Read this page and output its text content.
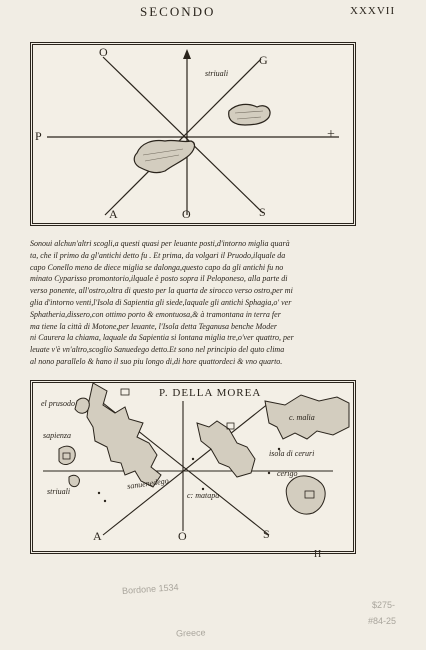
SECONDO	XXXVII
striuali
P	+
O
G
A	O	S
Sonoui alchun'altri scogli,a questi quasi per leuante posti,d'intorno miglia quarà
ta, che il primo da gl'antichi detto fu . Et prima, da volgari il Pruodo,ilquale da
capo Conello meno de diece miglia se dalonga,questo capo da gli antichi fu no
minato Cyparisso promontorio,ilquale è posto sopra il Peloponeso, alla parte di
verso ponente, all'ostro,oltra di questo per la quarta de sirocco verso ostro,per mi
glia d'intorno venti,l'Isola di Sapientia gli siede,laquale gli antichi Sphagia,o' ver
Sphatheria,dissero,con ottimo porto & emontuosa,& à tramontana in terra fer
ma tiene la città di Motone,per leuante, l'Isola detta Teganusa benche Moder
ni Caurera la chiama, laquale da Sapientia si lontana miglia tre,o'ver quattro, per
leuate v'è vn'altro,scoglio Sanuedego detto.Et sono nel principio del quto clima
al nono parallelo & hano il suo piu longo di,di hore quattordeci & vno quarto.
P. DELLA MOREA
el prusodo
sapienza
striuali
sanuenedego
c: matapa
c. malia
isola di ceruri
cerigo
A	O	S
H
Bordone 1534
Greece
$275-
#84-25
